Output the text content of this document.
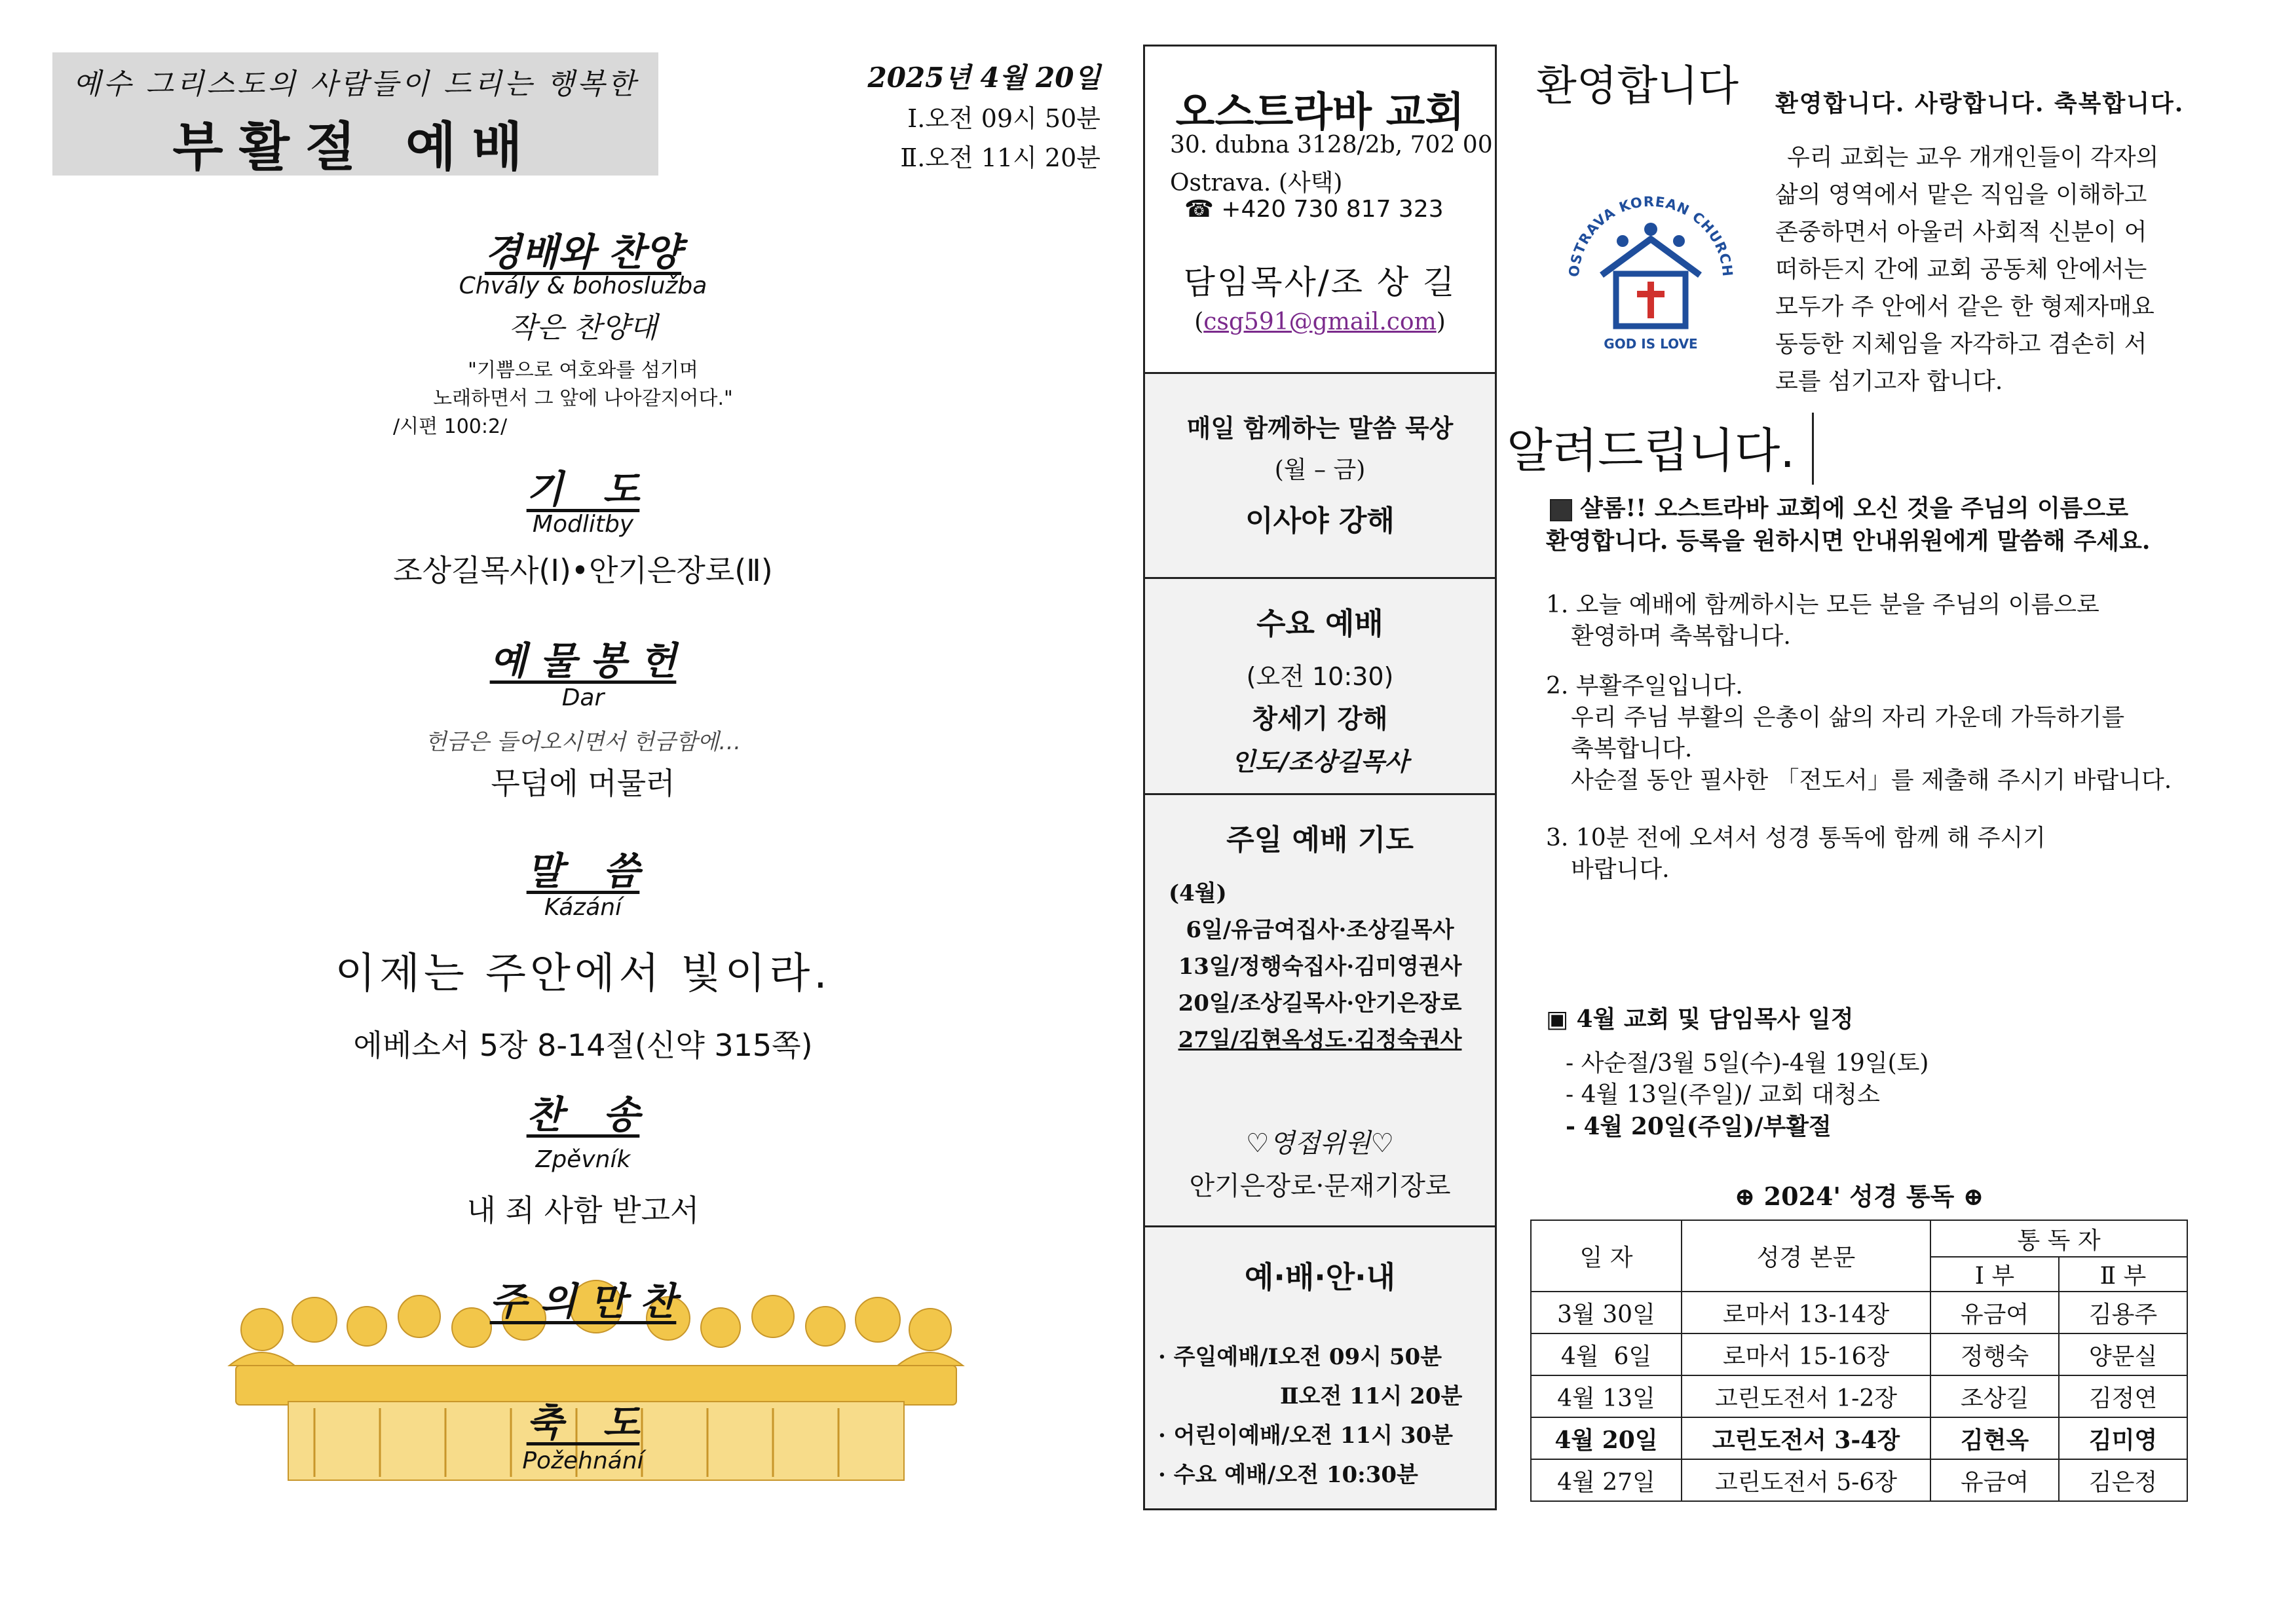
예수 그리스도의 사람들이 드리는 행복한
부활절 예배
2025년 4월 20일
Ⅰ.오전 09시 50분
Ⅱ.오전 11시 20분
경배와 찬양
Chvály & bohoslužba
작은 찬양대
"기쁨으로 여호와를 섬기며
노래하면서 그 앞에 나아갈지어다."
/시편 100:2/
기   도
Modlitby
조상길목사(Ⅰ)•안기은장로(Ⅱ)
예 물 봉 헌
Dar
헌금은 들어오시면서 헌금함에…
무덤에 머물러
말   씀
Kázání
이제는 주안에서 빛이라.
에베소서 5장 8-14절(신약 315쪽)
찬   송
Zpěvník
내 죄 사함 받고서
주 의 만 찬
축   도
Požehnání
오스트라바 교회
30. dubna 3128/2b, 702 00
Ostrava. (사택)
☎ +420 730 817 323
담임목사/조 상 길
(csg591@gmail.com)
매일 함께하는 말씀 묵상
(월 – 금)
이사야 강해
수요 예배
(오전 10:30)
창세기 강해
인도/조상길목사
주일 예배 기도
(4월)
6일/유금여집사·조상길목사
13일/정행숙집사·김미영권사
20일/조상길목사·안기은장로
27일/김현옥성도·김정숙권사
♡영접위원♡
안기은장로·문재기장로
예·배·안·내
· 주일예배/Ⅰ오전 09시 50분
Ⅱ오전 11시 20분
· 어린이예배/오전 11시 30분
· 수요 예배/오전 10:30분
환영합니다 환영합니다. 사랑합니다. 축복합니다.
우리 교회는 교우 개개인들이 각자의
삶의 영역에서 맡은 직임을 이해하고
존중하면서 아울러 사회적 신분이 어
떠하든지 간에 교회 공동체 안에서는
모두가 주 안에서 같은 한 형제자매요
동등한 지체임을 자각하고 겸손히 서
로를 섬기고자 합니다.
OSTRAVA KOREAN CHURCH
GOD IS LOVE
알려드립니다.
샬롬!! 오스트라바 교회에 오신 것을 주님의 이름으로
환영합니다. 등록을 원하시면 안내위원에게 말씀해 주세요.
1. 오늘 예배에 함께하시는 모든 분을 주님의 이름으로
환영하며 축복합니다.
2. 부활주일입니다.
우리 주님 부활의 은총이 삶의 자리 가운데 가득하기를
축복합니다.
사순절 동안 필사한 「전도서」를 제출해 주시기 바랍니다.
3. 10분 전에 오셔서 성경 통독에 함께 해 주시기
바랍니다.
▣ 4월 교회 및 담임목사 일정
- 사순절/3월 5일(수)-4월 19일(토)
- 4월 13일(주일)/ 교회 대청소
- 4월 20일(주일)/부활절
⊕ 2024' 성경 통독 ⊕
일 자	성경 본문	통 독 자	
		Ⅰ 부	Ⅱ 부
3월 30일	로마서 13-14장	유금여	김용주
4월  6일	로마서 15-16장	정행숙	양문실
4월 13일	고린도전서 1-2장	조상길	김정연
4월 20일	고린도전서 3-4장	김현옥	김미영
4월 27일	고린도전서 5-6장	유금여	김은정
